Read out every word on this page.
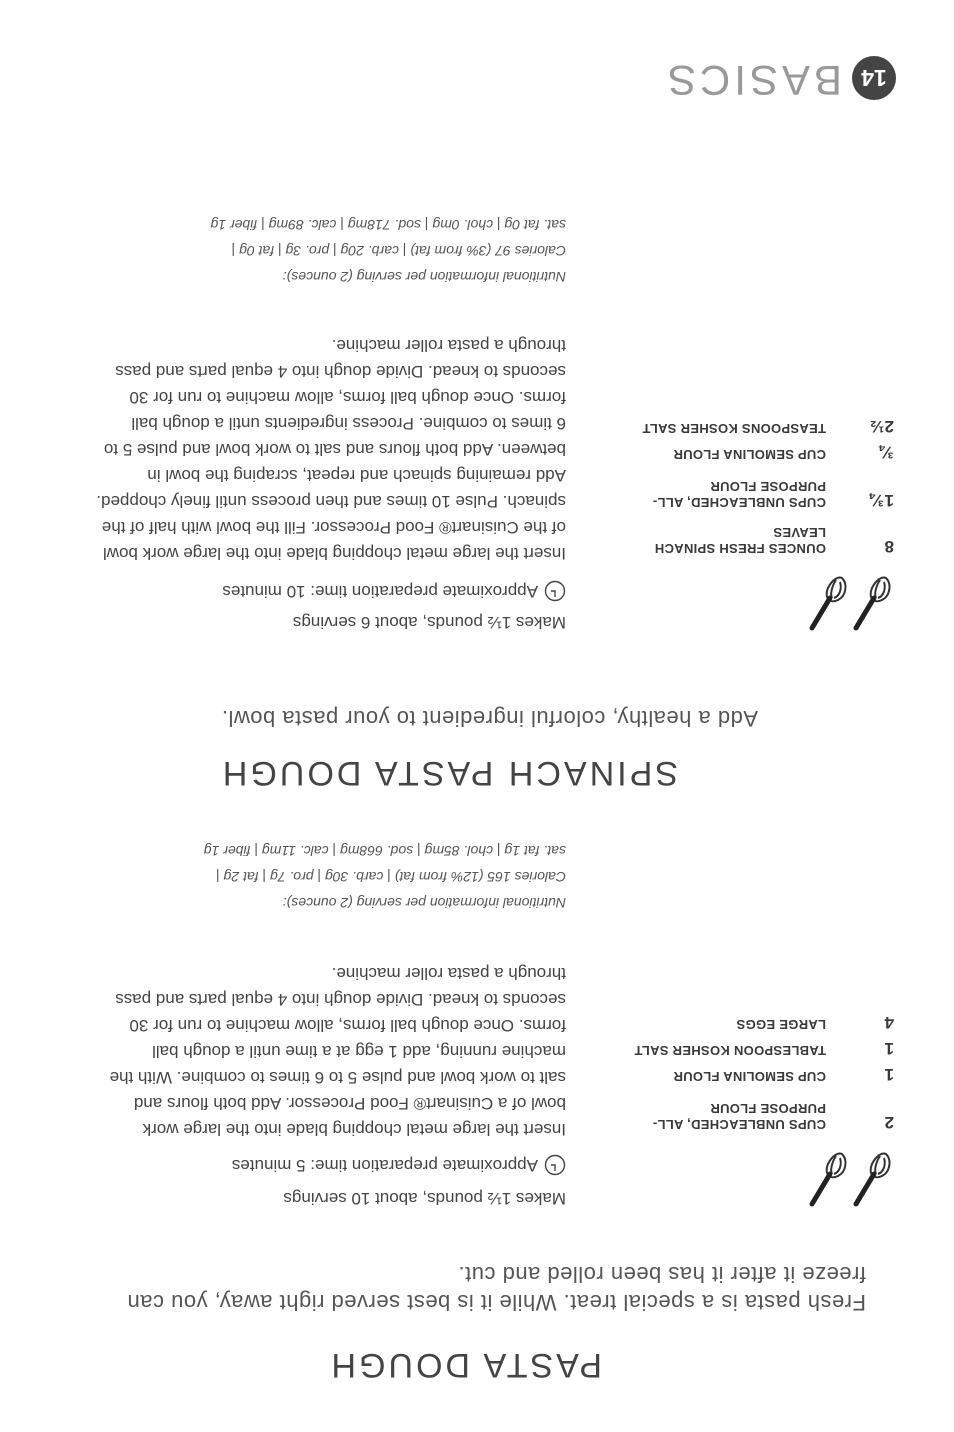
PASTA DOUGH
Fresh pasta is a special treat. While it is best served right away, you can freeze it after it has been rolled and cut.
Makes 1½ pounds, about 10 servings
Approximate preparation time: 5 minutes
2
CUPS UNBLEACHED, ALL-PURPOSE FLOUR
1
CUP SEMOLINA FLOUR
1
TABLESPOON KOSHER SALT
4
LARGE EGGS
Insert the large metal chopping blade into the large work bowl of a Cuisinart® Food Processor. Add both flours and salt to work bowl and pulse 5 to 6 times to combine. With the machine running, add 1 egg at a time until a dough ball forms. Once dough ball forms, allow machine to run for 30 seconds to knead. Divide dough into 4 equal parts and pass through a pasta roller machine.
Nutritional information per serving (2 ounces):
Calories 165 (12% from fat) | carb. 30g | pro. 7g | fat 2g |
sat. fat 1g | chol. 85mg | sod. 668mg | calc. 11mg | fiber 1g
SPINACH PASTA DOUGH
Add a healthy, colorful ingredient to your pasta bowl.
Makes 1½ pounds, about 6 servings
Approximate preparation time: 10 minutes
8
OUNCES FRESH SPINACH LEAVES
1¾
CUPS UNBLEACHED, ALL-PURPOSE FLOUR
¾
CUP SEMOLINA FLOUR
2½
TEASPOONS KOSHER SALT
Insert the large metal chopping blade into the large work bowl of the Cuisinart® Food Processor. Fill the bowl with half of the spinach. Pulse 10 times and then process until finely chopped. Add remaining spinach and repeat, scraping the bowl in between. Add both flours and salt to work bowl and pulse 5 to 6 times to combine. Process ingredients until a dough ball forms. Once dough ball forms, allow machine to run for 30 seconds to knead. Divide dough into 4 equal parts and pass through a pasta roller machine.
Nutritional information per serving (2 ounces):
Calories 97 (3% from fat) | carb. 20g | pro. 3g | fat 0g |
sat. fat 0g | chol. 0mg | sod. 718mg | calc. 89mg | fiber 1g
14
BASICS
